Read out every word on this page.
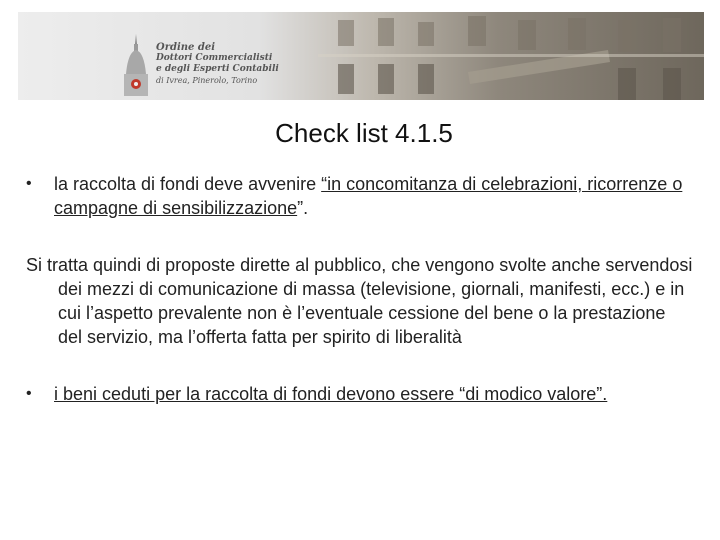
Ordine dei
Dottori Commercialisti
e degli Esperti Contabili
di Ivrea, Pinerolo, Torino
Check list 4.1.5
•	la raccolta di fondi deve avvenire “in concomitanza di celebrazioni, ricorrenze o campagne di sensibilizzazione”.
Si tratta quindi di proposte dirette al pubblico, che vengono svolte anche servendosi dei mezzi di comunicazione di massa (televisione, giornali, manifesti, ecc.) e in cui l’aspetto prevalente non è l’eventuale cessione del bene o la prestazione del servizio, ma l’offerta fatta per spirito di liberalità
•	i beni ceduti per la raccolta di fondi devono essere “di modico valore”.
